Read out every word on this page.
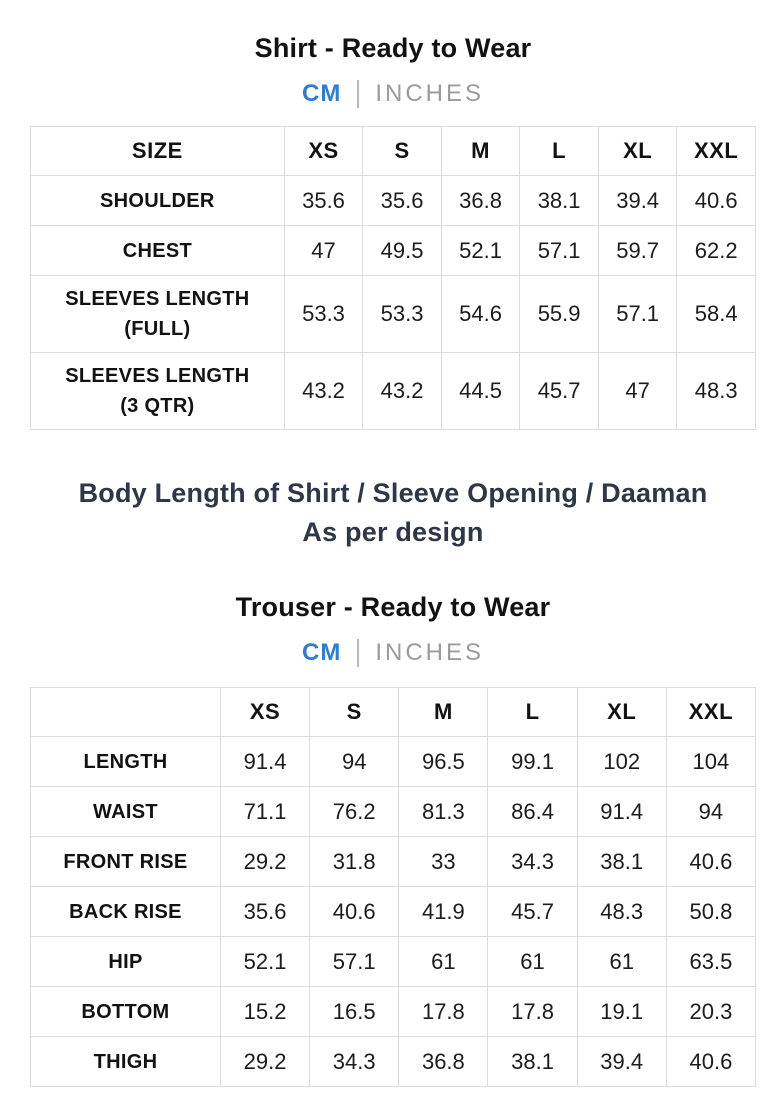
Shirt - Ready to Wear
CM INCHES
SIZE	XS	S	M	L	XL	XXL

SHOULDER	35.6	35.6	36.8	38.1	39.4	40.6

CHEST	47	49.5	52.1	57.1	59.7	62.2

SLEEVES LENGTH
(FULL)	53.3	53.3	54.6	55.9	57.1	58.4

SLEEVES LENGTH
(3 QTR)	43.2	43.2	44.5	45.7	47	48.3
Body Length of Shirt / Sleeve Opening / Daaman
As per design
Trouser - Ready to Wear
CM INCHES
	XS	S	M	L	XL	XXL

LENGTH	91.4	94	96.5	99.1	102	104

WAIST	71.1	76.2	81.3	86.4	91.4	94

FRONT RISE	29.2	31.8	33	34.3	38.1	40.6

BACK RISE	35.6	40.6	41.9	45.7	48.3	50.8

HIP	52.1	57.1	61	61	61	63.5

BOTTOM	15.2	16.5	17.8	17.8	19.1	20.3

THIGH	29.2	34.3	36.8	38.1	39.4	40.6
